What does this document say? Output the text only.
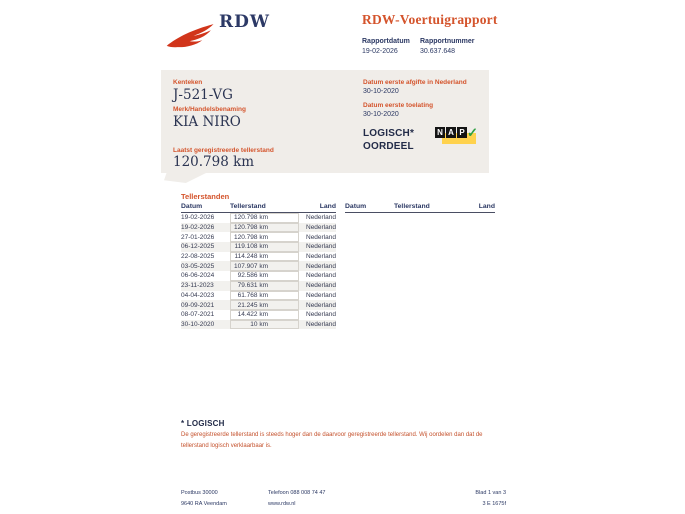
RDW	RDW-Voertuigrapport
Rapportdatum
19-02-2026
Rapportnummer
30.637.648
Kenteken
J-521-VG
Merk/Handelsbenaming
KIA NIRO
Laatst geregistreerde tellerstand
120.798 km
Datum eerste afgifte in Nederland
30-10-2020
Datum eerste toelating
30-10-2020
LOGISCH*
OORDEEL
N A P ✓
Tellerstanden
Datum	Tellerstand	Land
19-02-2026	120.798 km	Nederland
19-02-2026	120.798 km	Nederland
27-01-2026	120.798 km	Nederland
06-12-2025	119.108 km	Nederland
22-08-2025	114.248 km	Nederland
03-05-2025	107.907 km	Nederland
06-06-2024	92.586 km	Nederland
23-11-2023	79.631 km	Nederland
04-04-2023	61.768 km	Nederland
09-09-2021	21.245 km	Nederland
08-07-2021	14.422 km	Nederland
30-10-2020	10 km	Nederland
Datum	Tellerstand	Land
* LOGISCH
De geregistreerde tellerstand is steeds hoger dan de daarvoor geregistreerde tellerstand. Wij oordelen dan dat de tellerstand logisch verklaarbaar is.
Postbus 30000
9640 RA Veendam
Telefoon 088 008 74 47
www.rdw.nl
Blad 1 van 3
3 E 1675f
